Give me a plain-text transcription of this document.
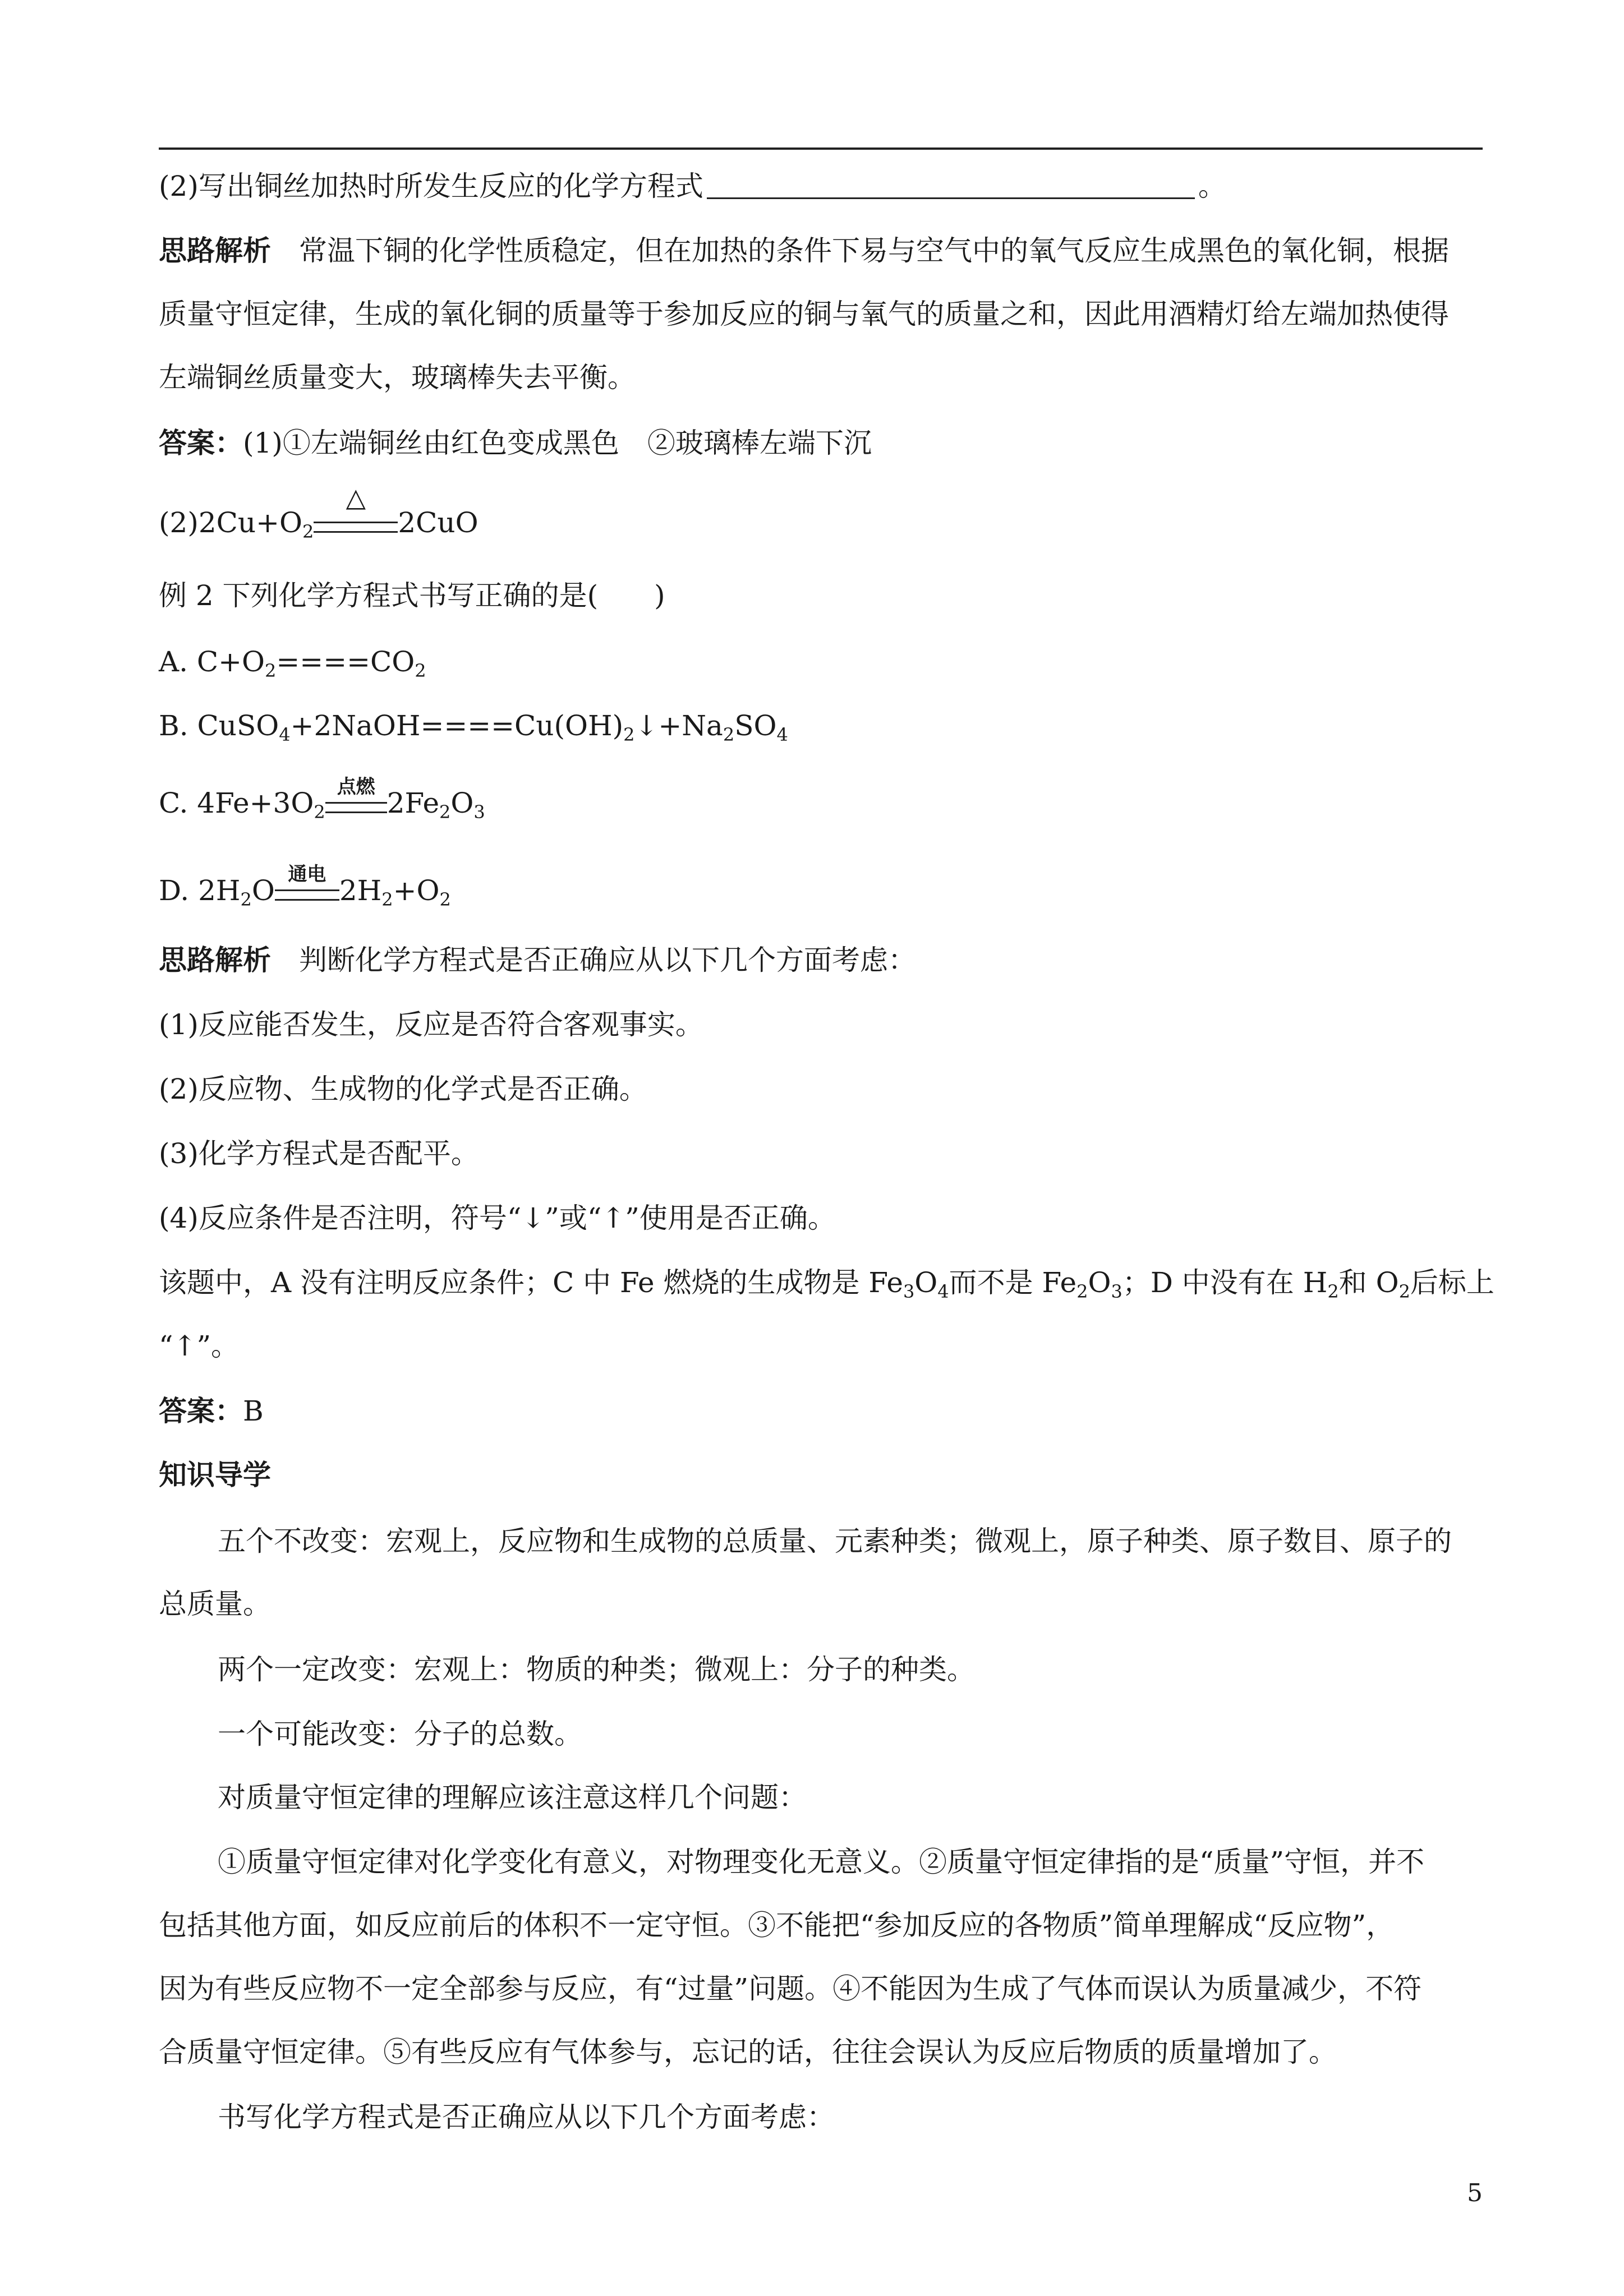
(2)写出铜丝加热时所发生反应的化学方程式	。
思路解析 常温下铜的化学性质稳定，但在加热的条件下易与空气中的氧气反应生成黑色的氧化铜，根据
质量守恒定律，生成的氧化铜的质量等于参加反应的铜与氧气的质量之和，因此用酒精灯给左端加热使得
左端铜丝质量变大，玻璃棒失去平衡。
答案：(1)①左端铜丝由红色变成黑色 ②玻璃棒左端下沉
$(2)2Cu+O_2$
△
2CuO
例 2 下列化学方程式书写正确的是(　　)
A. $C+O_2====CO_2$
B. $CuSO_4+2NaOH====Cu(OH)_2↓+Na_2SO_4$
C. $4Fe+3O_2$
点燃 $2Fe_2O_3$
D. $2H_2O$ 通电 $2H_2+O_2$
思路解析 判断化学方程式是否正确应从以下几个方面考虑：
(1)反应能否发生，反应是否符合客观事实。
(2)反应物、生成物的化学式是否正确。
(3)化学方程式是否配平。
(4)反应条件是否注明，符号“↓”或“↑”使用是否正确。
该题中，A 没有注明反应条件；C 中 Fe 燃烧的生成物是 $Fe_3O_4$而不是 $Fe_2O_3$；D 中没有在 $H_2$和 $O_2$后标上
“↑”。
答案：B
知识导学
五个不改变：宏观上，反应物和生成物的总质量、元素种类；微观上，原子种类、原子数目、原子的
总质量。
两个一定改变：宏观上：物质的种类；微观上：分子的种类。
一个可能改变：分子的总数。
对质量守恒定律的理解应该注意这样几个问题：
①质量守恒定律对化学变化有意义，对物理变化无意义。②质量守恒定律指的是“质量”守恒，并不
包括其他方面，如反应前后的体积不一定守恒。③不能把“参加反应的各物质”简单理解成“反应物”，
因为有些反应物不一定全部参与反应，有“过量”问题。④不能因为生成了气体而误认为质量减少，不符
合质量守恒定律。⑤有些反应有气体参与，忘记的话，往往会误认为反应后物质的质量增加了。
书写化学方程式是否正确应从以下几个方面考虑：
5
